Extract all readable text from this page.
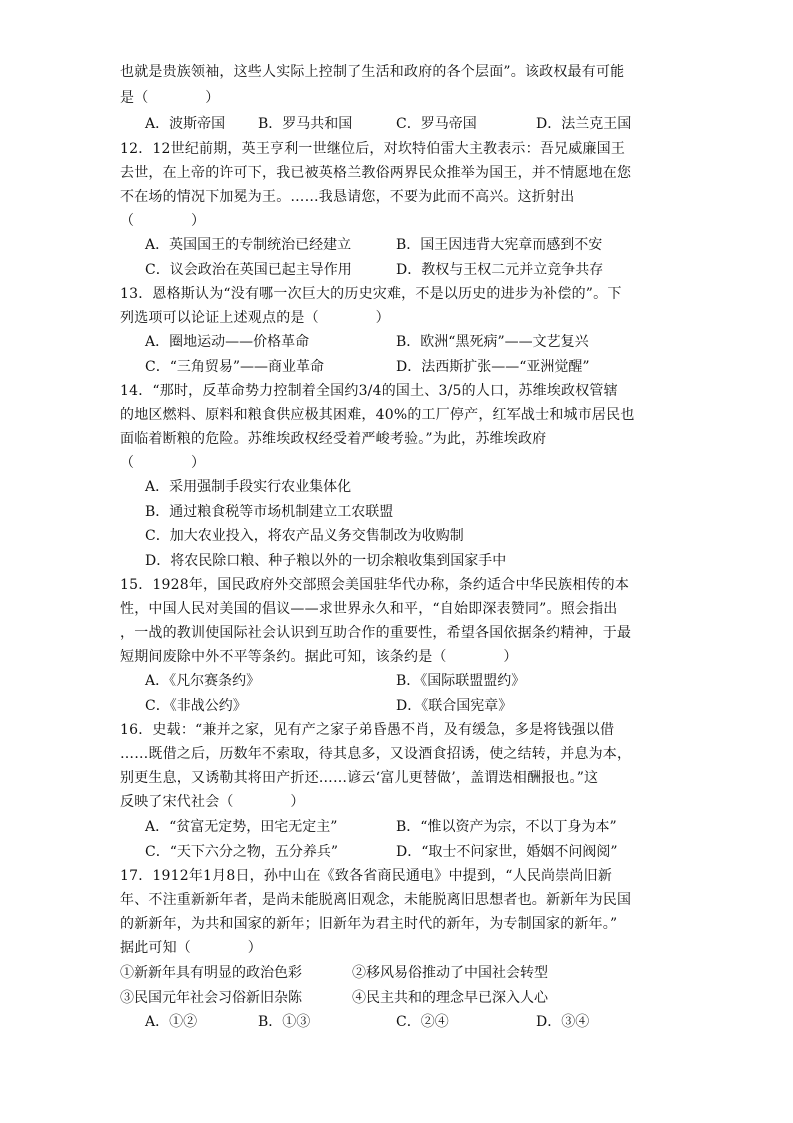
也就是贵族领袖，这些人实际上控制了生活和政府的各个层面”。该政权最有可能
是（　　　　）
A．波斯帝国 B．罗马共和国	C．罗马帝国	D．法兰克王国
12．12世纪前期，英王亨利一世继位后，对坎特伯雷大主教表示：吾兄威廉国王
去世，在上帝的许可下，我已被英格兰教俗两界民众推举为国王，并不情愿地在您
不在场的情况下加冕为王。……我恳请您，不要为此而不高兴。这折射出
（　　　　）
A．英国国王的专制统治已经建立	B．国王因违背大宪章而感到不安
C．议会政治在英国已起主导作用	D．教权与王权二元并立竞争共存
13．恩格斯认为“没有哪一次巨大的历史灾难，不是以历史的进步为补偿的”。下
列选项可以论证上述观点的是（　　　　）
A．圈地运动——价格革命	B．欧洲“黑死病”——文艺复兴
C．“三角贸易”——商业革命	D．法西斯扩张——“亚洲觉醒”
14．“那时，反革命势力控制着全国约3/4的国土、3/5的人口，苏维埃政权管辖
的地区燃料、原料和粮食供应极其困难，40%的工厂停产，红军战士和城市居民也
面临着断粮的危险。苏维埃政权经受着严峻考验。”为此，苏维埃政府
（　　　　）
A．采用强制手段实行农业集体化
B．通过粮食税等市场机制建立工农联盟
C．加大农业投入，将农产品义务交售制改为收购制
D．将农民除口粮、种子粮以外的一切余粮收集到国家手中
15．1928年，国民政府外交部照会美国驻华代办称，条约适合中华民族相传的本
性，中国人民对美国的倡议——求世界永久和平，“自始即深表赞同”。照会指出
，一战的教训使国际社会认识到互助合作的重要性，希望各国依据条约精神，于最
短期间废除中外不平等条约。据此可知，该条约是（　　　　）
A．《凡尔赛条约》	B．《国际联盟盟约》
C．《非战公约》	D．《联合国宪章》
16．史载：“兼并之家，见有产之家子弟昏愚不肖，及有缓急，多是将钱强以借
……既借之后，历数年不索取，待其息多，又设酒食招诱，使之结转，并息为本，
别更生息，又诱勒其将田产折还……谚云‘富儿更替做’，盖谓迭相酬报也。”这
反映了宋代社会（　　　　）
A．“贫富无定势，田宅无定主”	B．“惟以资产为宗，不以丁身为本”
C．“天下六分之物，五分养兵”	D．“取士不问家世，婚姻不问阀阅”
17．1912年1月8日，孙中山在《致各省商民通电》中提到，“人民尚崇尚旧新
年、不注重新新年者，是尚未能脱离旧观念，未能脱离旧思想者也。新新年为民国
的新新年，为共和国家的新年；旧新年为君主时代的新年，为专制国家的新年。”
据此可知（　　　　）
①新新年具有明显的政治色彩	②移风易俗推动了中国社会转型
③民国元年社会习俗新旧杂陈	④民主共和的理念早已深入人心
A．①②	B．①③	C．②④	D．③④
